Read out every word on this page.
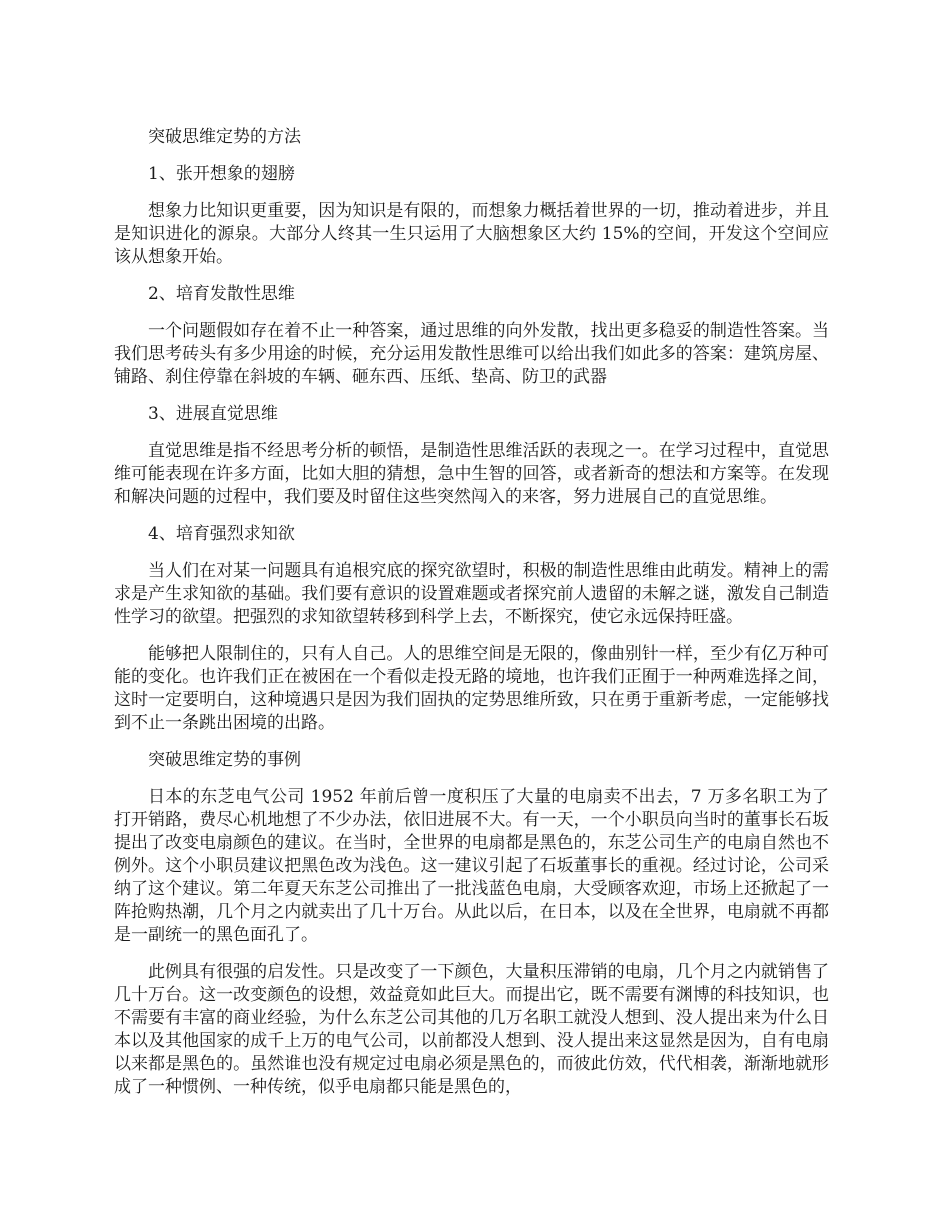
突破思维定势的方法

1、张开想象的翅膀

想象力比知识更重要，因为知识是有限的，而想象力概括着世界的一切，推动着进步，并且是知识进化的源泉。大部分人终其一生只运用了大脑想象区大约 15%的空间，开发这个空间应该从想象开始。

2、培育发散性思维

一个问题假如存在着不止一种答案，通过思维的向外发散，找出更多稳妥的制造性答案。当我们思考砖头有多少用途的时候，充分运用发散性思维可以给出我们如此多的答案：建筑房屋、铺路、刹住停靠在斜坡的车辆、砸东西、压纸、垫高、防卫的武器

3、进展直觉思维

直觉思维是指不经思考分析的顿悟，是制造性思维活跃的表现之一。在学习过程中，直觉思维可能表现在许多方面，比如大胆的猜想，急中生智的回答，或者新奇的想法和方案等。在发现和解决问题的过程中，我们要及时留住这些突然闯入的来客，努力进展自己的直觉思维。

4、培育强烈求知欲

当人们在对某一问题具有追根究底的探究欲望时，积极的制造性思维由此萌发。精神上的需求是产生求知欲的基础。我们要有意识的设置难题或者探究前人遗留的未解之谜，激发自己制造性学习的欲望。把强烈的求知欲望转移到科学上去，不断探究，使它永远保持旺盛。

能够把人限制住的，只有人自己。人的思维空间是无限的，像曲别针一样，至少有亿万种可能的变化。也许我们正在被困在一个看似走投无路的境地，也许我们正囿于一种两难选择之间，这时一定要明白，这种境遇只是因为我们固执的定势思维所致，只在勇于重新考虑，一定能够找到不止一条跳出困境的出路。

突破思维定势的事例

日本的东芝电气公司 1952 年前后曾一度积压了大量的电扇卖不出去，7 万多名职工为了打开销路，费尽心机地想了不少办法，依旧进展不大。有一天，一个小职员向当时的董事长石坂提出了改变电扇颜色的建议。在当时，全世界的电扇都是黑色的，东芝公司生产的电扇自然也不例外。这个小职员建议把黑色改为浅色。这一建议引起了石坂董事长的重视。经过讨论，公司采纳了这个建议。第二年夏天东芝公司推出了一批浅蓝色电扇，大受顾客欢迎，市场上还掀起了一阵抢购热潮，几个月之内就卖出了几十万台。从此以后，在日本，以及在全世界，电扇就不再都是一副统一的黑色面孔了。

此例具有很强的启发性。只是改变了一下颜色，大量积压滞销的电扇，几个月之内就销售了几十万台。这一改变颜色的设想，效益竟如此巨大。而提出它，既不需要有渊博的科技知识，也不需要有丰富的商业经验，为什么东芝公司其他的几万名职工就没人想到、没人提出来为什么日本以及其他国家的成千上万的电气公司，以前都没人想到、没人提出来这显然是因为，自有电扇以来都是黑色的。虽然谁也没有规定过电扇必须是黑色的，而彼此仿效，代代相袭，渐渐地就形成了一种惯例、一种传统，似乎电扇都只能是黑色的，
